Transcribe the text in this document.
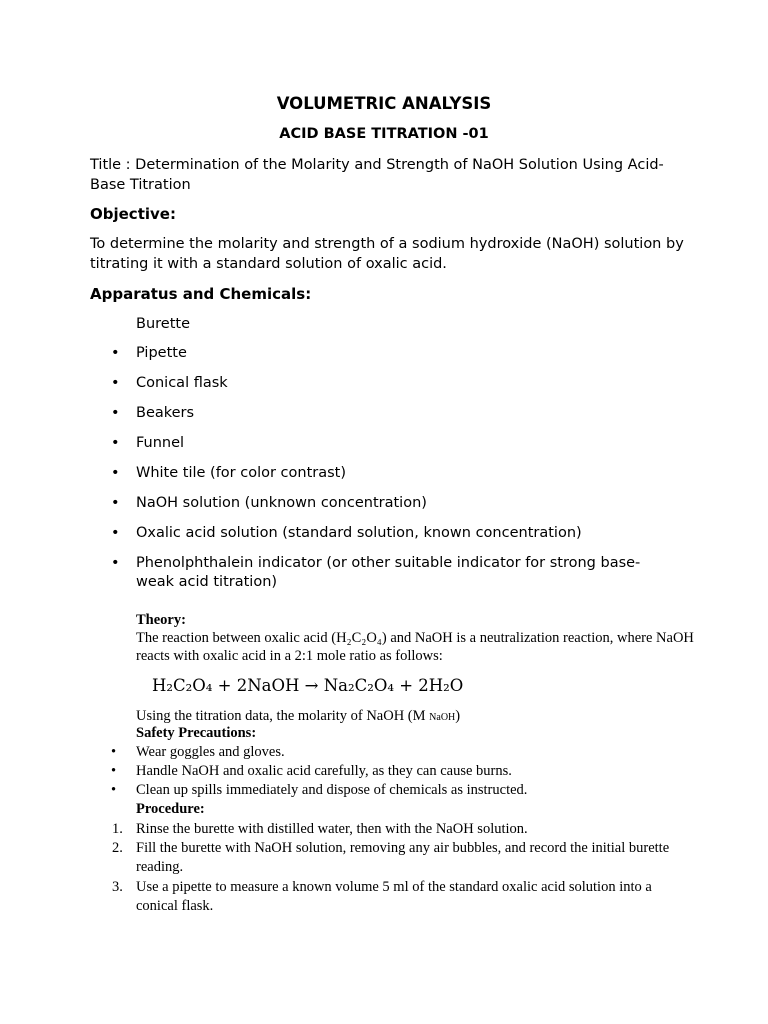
VOLUMETRIC ANALYSIS
ACID BASE TITRATION -01
Title : Determination of the Molarity and Strength of NaOH Solution Using Acid-Base Titration
Objective:
To determine the molarity and strength of a sodium hydroxide (NaOH) solution by titrating it with a standard solution of oxalic acid.
Apparatus and Chemicals:
Burette
• Pipette
• Conical flask
• Beakers
• Funnel
• White tile (for color contrast)
• NaOH solution (unknown concentration)
• Oxalic acid solution (standard solution, known concentration)
• Phenolphthalein indicator (or other suitable indicator for strong base-weak acid titration)
Theory:
The reaction between oxalic acid (H₂C₂O₄) and NaOH is a neutralization reaction, where NaOH reacts with oxalic acid in a 2:1 mole ratio as follows:
H₂C₂O₄ + 2NaOH → Na₂C₂O₄ + 2H₂O
Using the titration data, the molarity of NaOH (M NaOH)
Safety Precautions:
• Wear goggles and gloves.
• Handle NaOH and oxalic acid carefully, as they can cause burns.
• Clean up spills immediately and dispose of chemicals as instructed.
Procedure:
1. Rinse the burette with distilled water, then with the NaOH solution.
2. Fill the burette with NaOH solution, removing any air bubbles, and record the initial burette reading.
3. Use a pipette to measure a known volume 5 ml of the standard oxalic acid solution into a conical flask.
